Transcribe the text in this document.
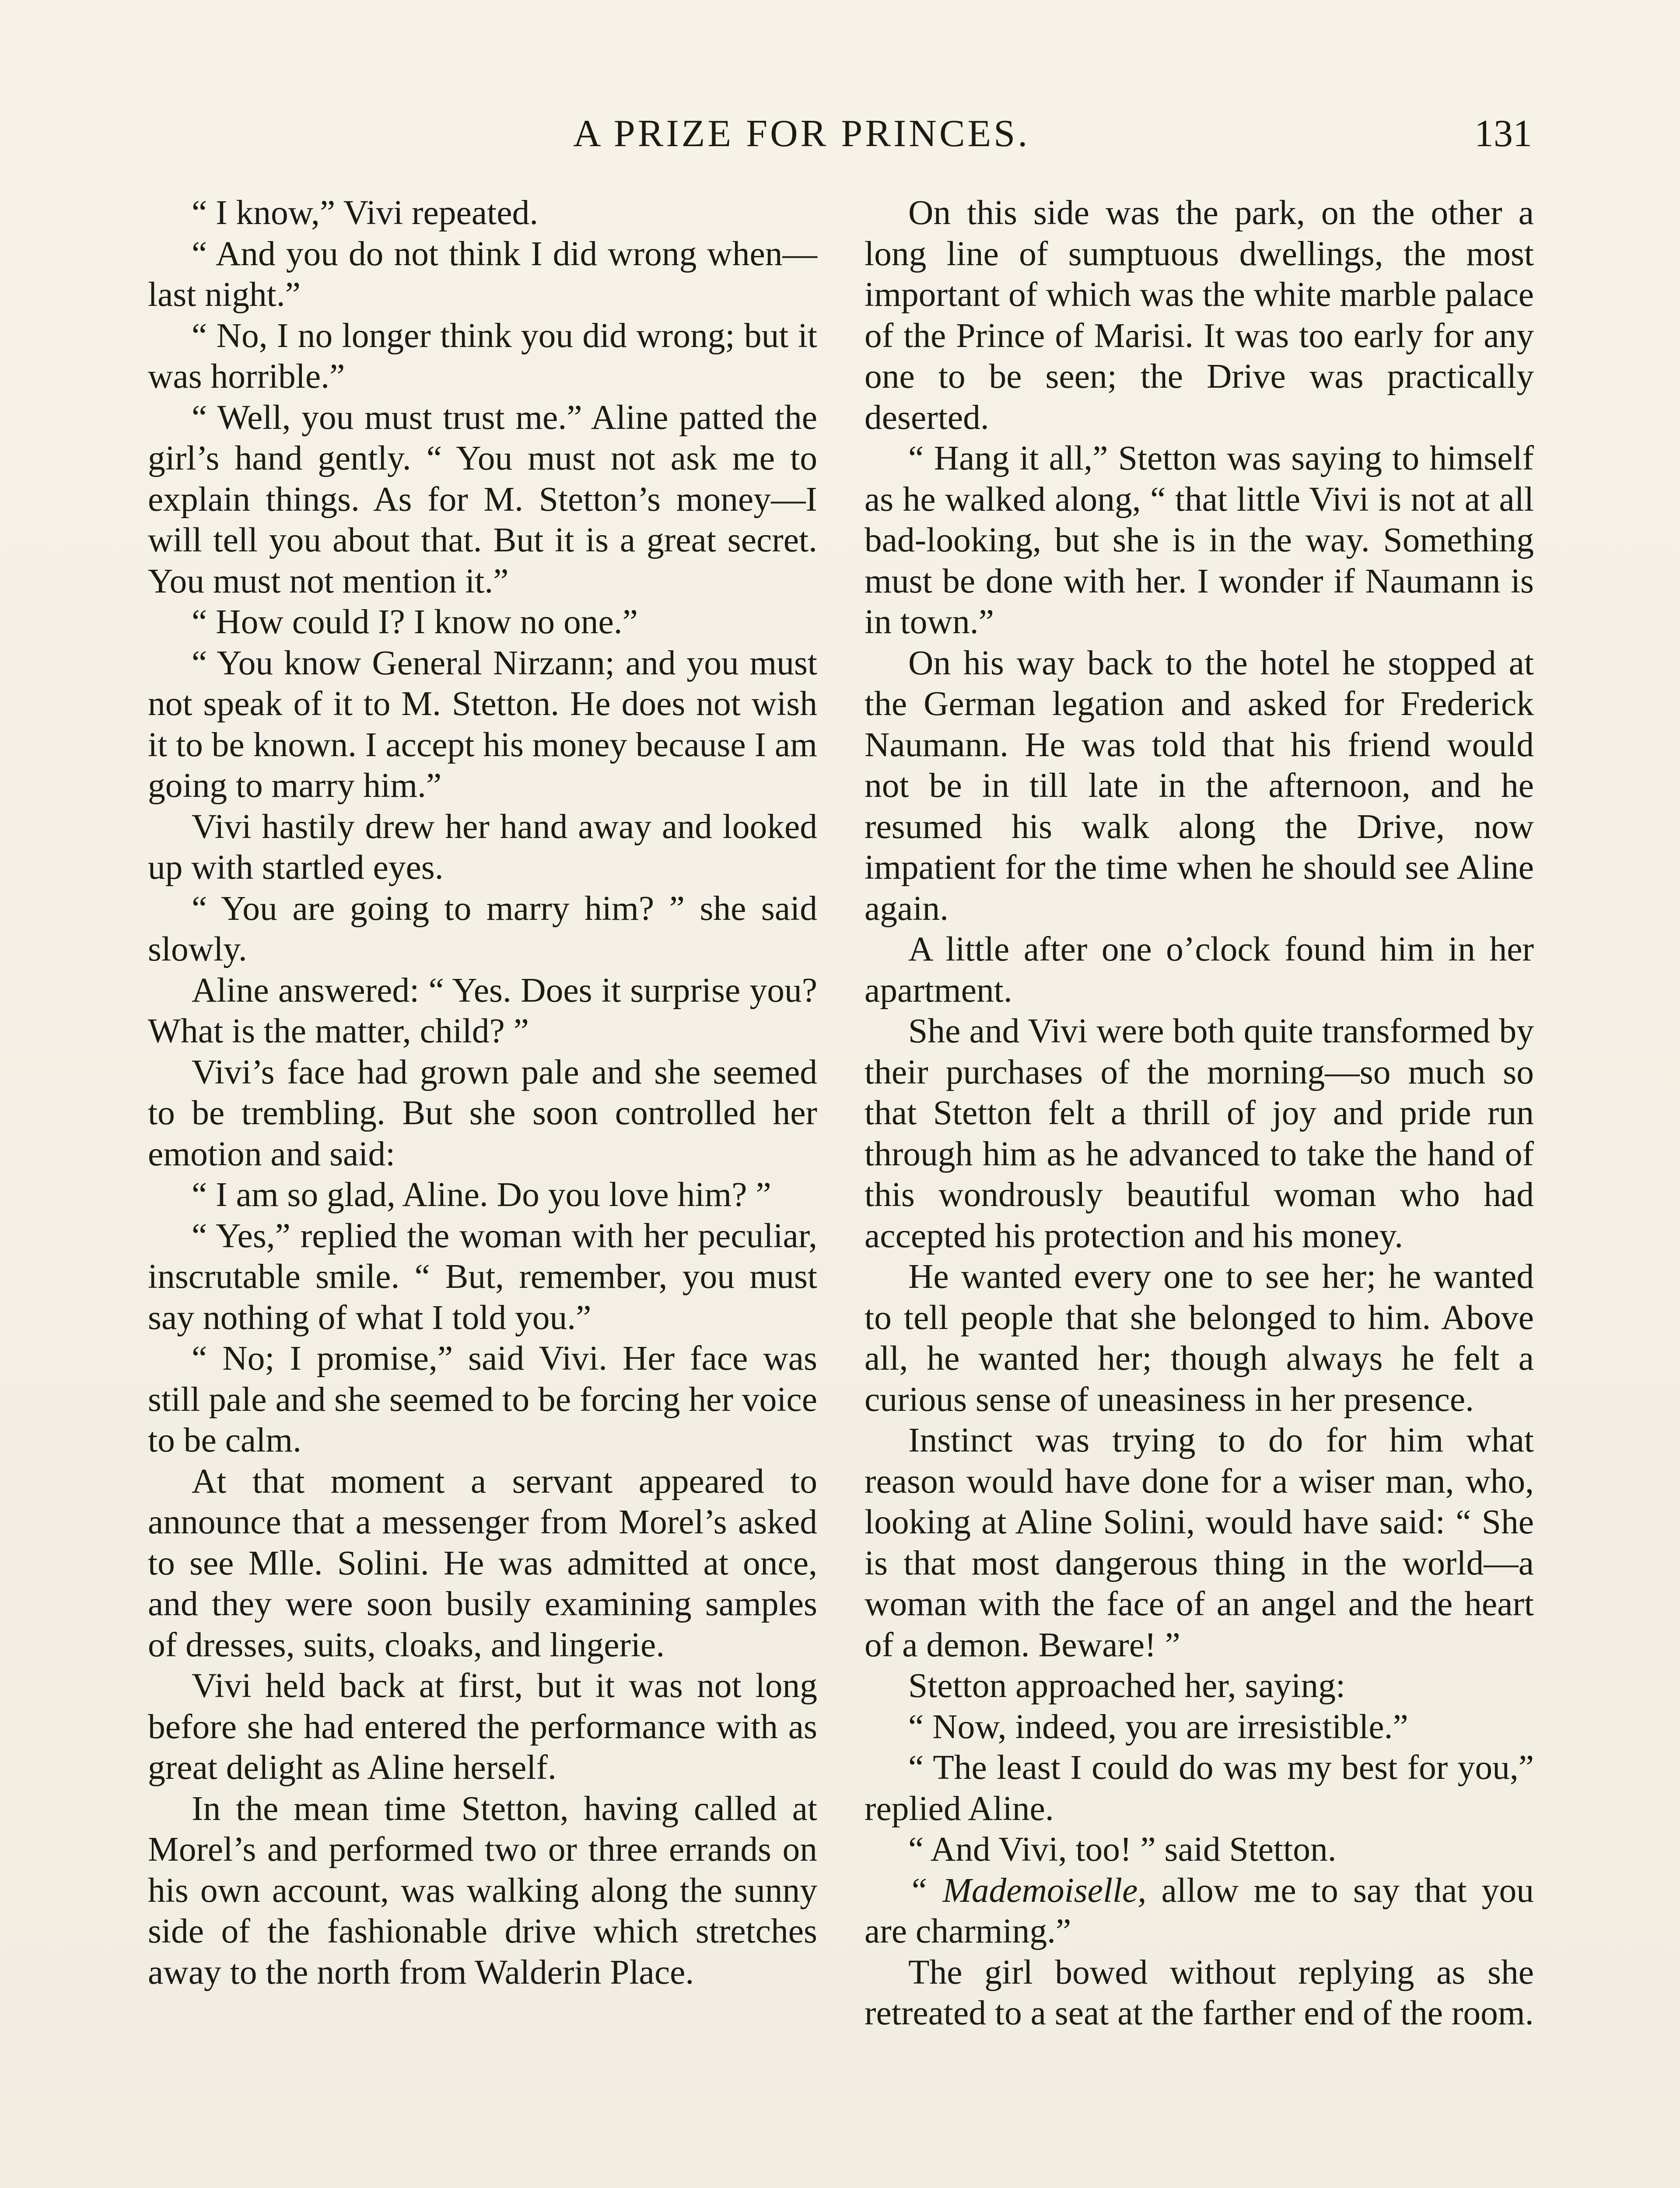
A PRIZE FOR PRINCES.	131

“ I know,” Vivi repeated.

“ And you do not think I did wrong when—last night.”

“ No, I no longer think you did wrong; but it was horrible.”

“ Well, you must trust me.” Aline patted the girl’s hand gently. “ You must not ask me to explain things. As for M. Stetton’s money—I will tell you about that. But it is a great secret. You must not mention it.”

“ How could I? I know no one.”

“ You know General Nirzann; and you must not speak of it to M. Stetton. He does not wish it to be known. I accept his money because I am going to marry him.”

Vivi hastily drew her hand away and looked up with startled eyes.

“ You are going to marry him? ” she said slowly.

Aline answered: “ Yes. Does it surprise you? What is the matter, child? ”

Vivi’s face had grown pale and she seemed to be trembling. But she soon controlled her emotion and said:

“ I am so glad, Aline. Do you love him? ”

“ Yes,” replied the woman with her peculiar, inscrutable smile. “ But, remember, you must say nothing of what I told you.”

“ No; I promise,” said Vivi. Her face was still pale and she seemed to be forcing her voice to be calm.

At that moment a servant appeared to announce that a messenger from Morel’s asked to see Mlle. Solini. He was admitted at once, and they were soon busily examining samples of dresses, suits, cloaks, and lingerie.

Vivi held back at first, but it was not long before she had entered the performance with as great delight as Aline herself.

In the mean time Stetton, having called at Morel’s and performed two or three errands on his own account, was walking along the sunny side of the fashionable drive which stretches away to the north from Walderin Place.

On this side was the park, on the other a long line of sumptuous dwellings, the most important of which was the white marble palace of the Prince of Marisi. It was too early for any one to be seen; the Drive was practically deserted.

“ Hang it all,” Stetton was saying to himself as he walked along, “ that little Vivi is not at all bad-looking, but she is in the way. Something must be done with her. I wonder if Naumann is in town.”

On his way back to the hotel he stopped at the German legation and asked for Frederick Naumann. He was told that his friend would not be in till late in the afternoon, and he resumed his walk along the Drive, now impatient for the time when he should see Aline again.

A little after one o’clock found him in her apartment.

She and Vivi were both quite transformed by their purchases of the morning—so much so that Stetton felt a thrill of joy and pride run through him as he advanced to take the hand of this wondrously beautiful woman who had accepted his protection and his money.

He wanted every one to see her; he wanted to tell people that she belonged to him. Above all, he wanted her; though always he felt a curious sense of uneasiness in her presence.

Instinct was trying to do for him what reason would have done for a wiser man, who, looking at Aline Solini, would have said: “ She is that most dangerous thing in the world—a woman with the face of an angel and the heart of a demon. Beware! ”

Stetton approached her, saying:

“ Now, indeed, you are irresistible.”

“ The least I could do was my best for you,” replied Aline.

“ And Vivi, too! ” said Stetton.

“ Mademoiselle, allow me to say that you are charming.”

The girl bowed without replying as she retreated to a seat at the farther end of the room.
